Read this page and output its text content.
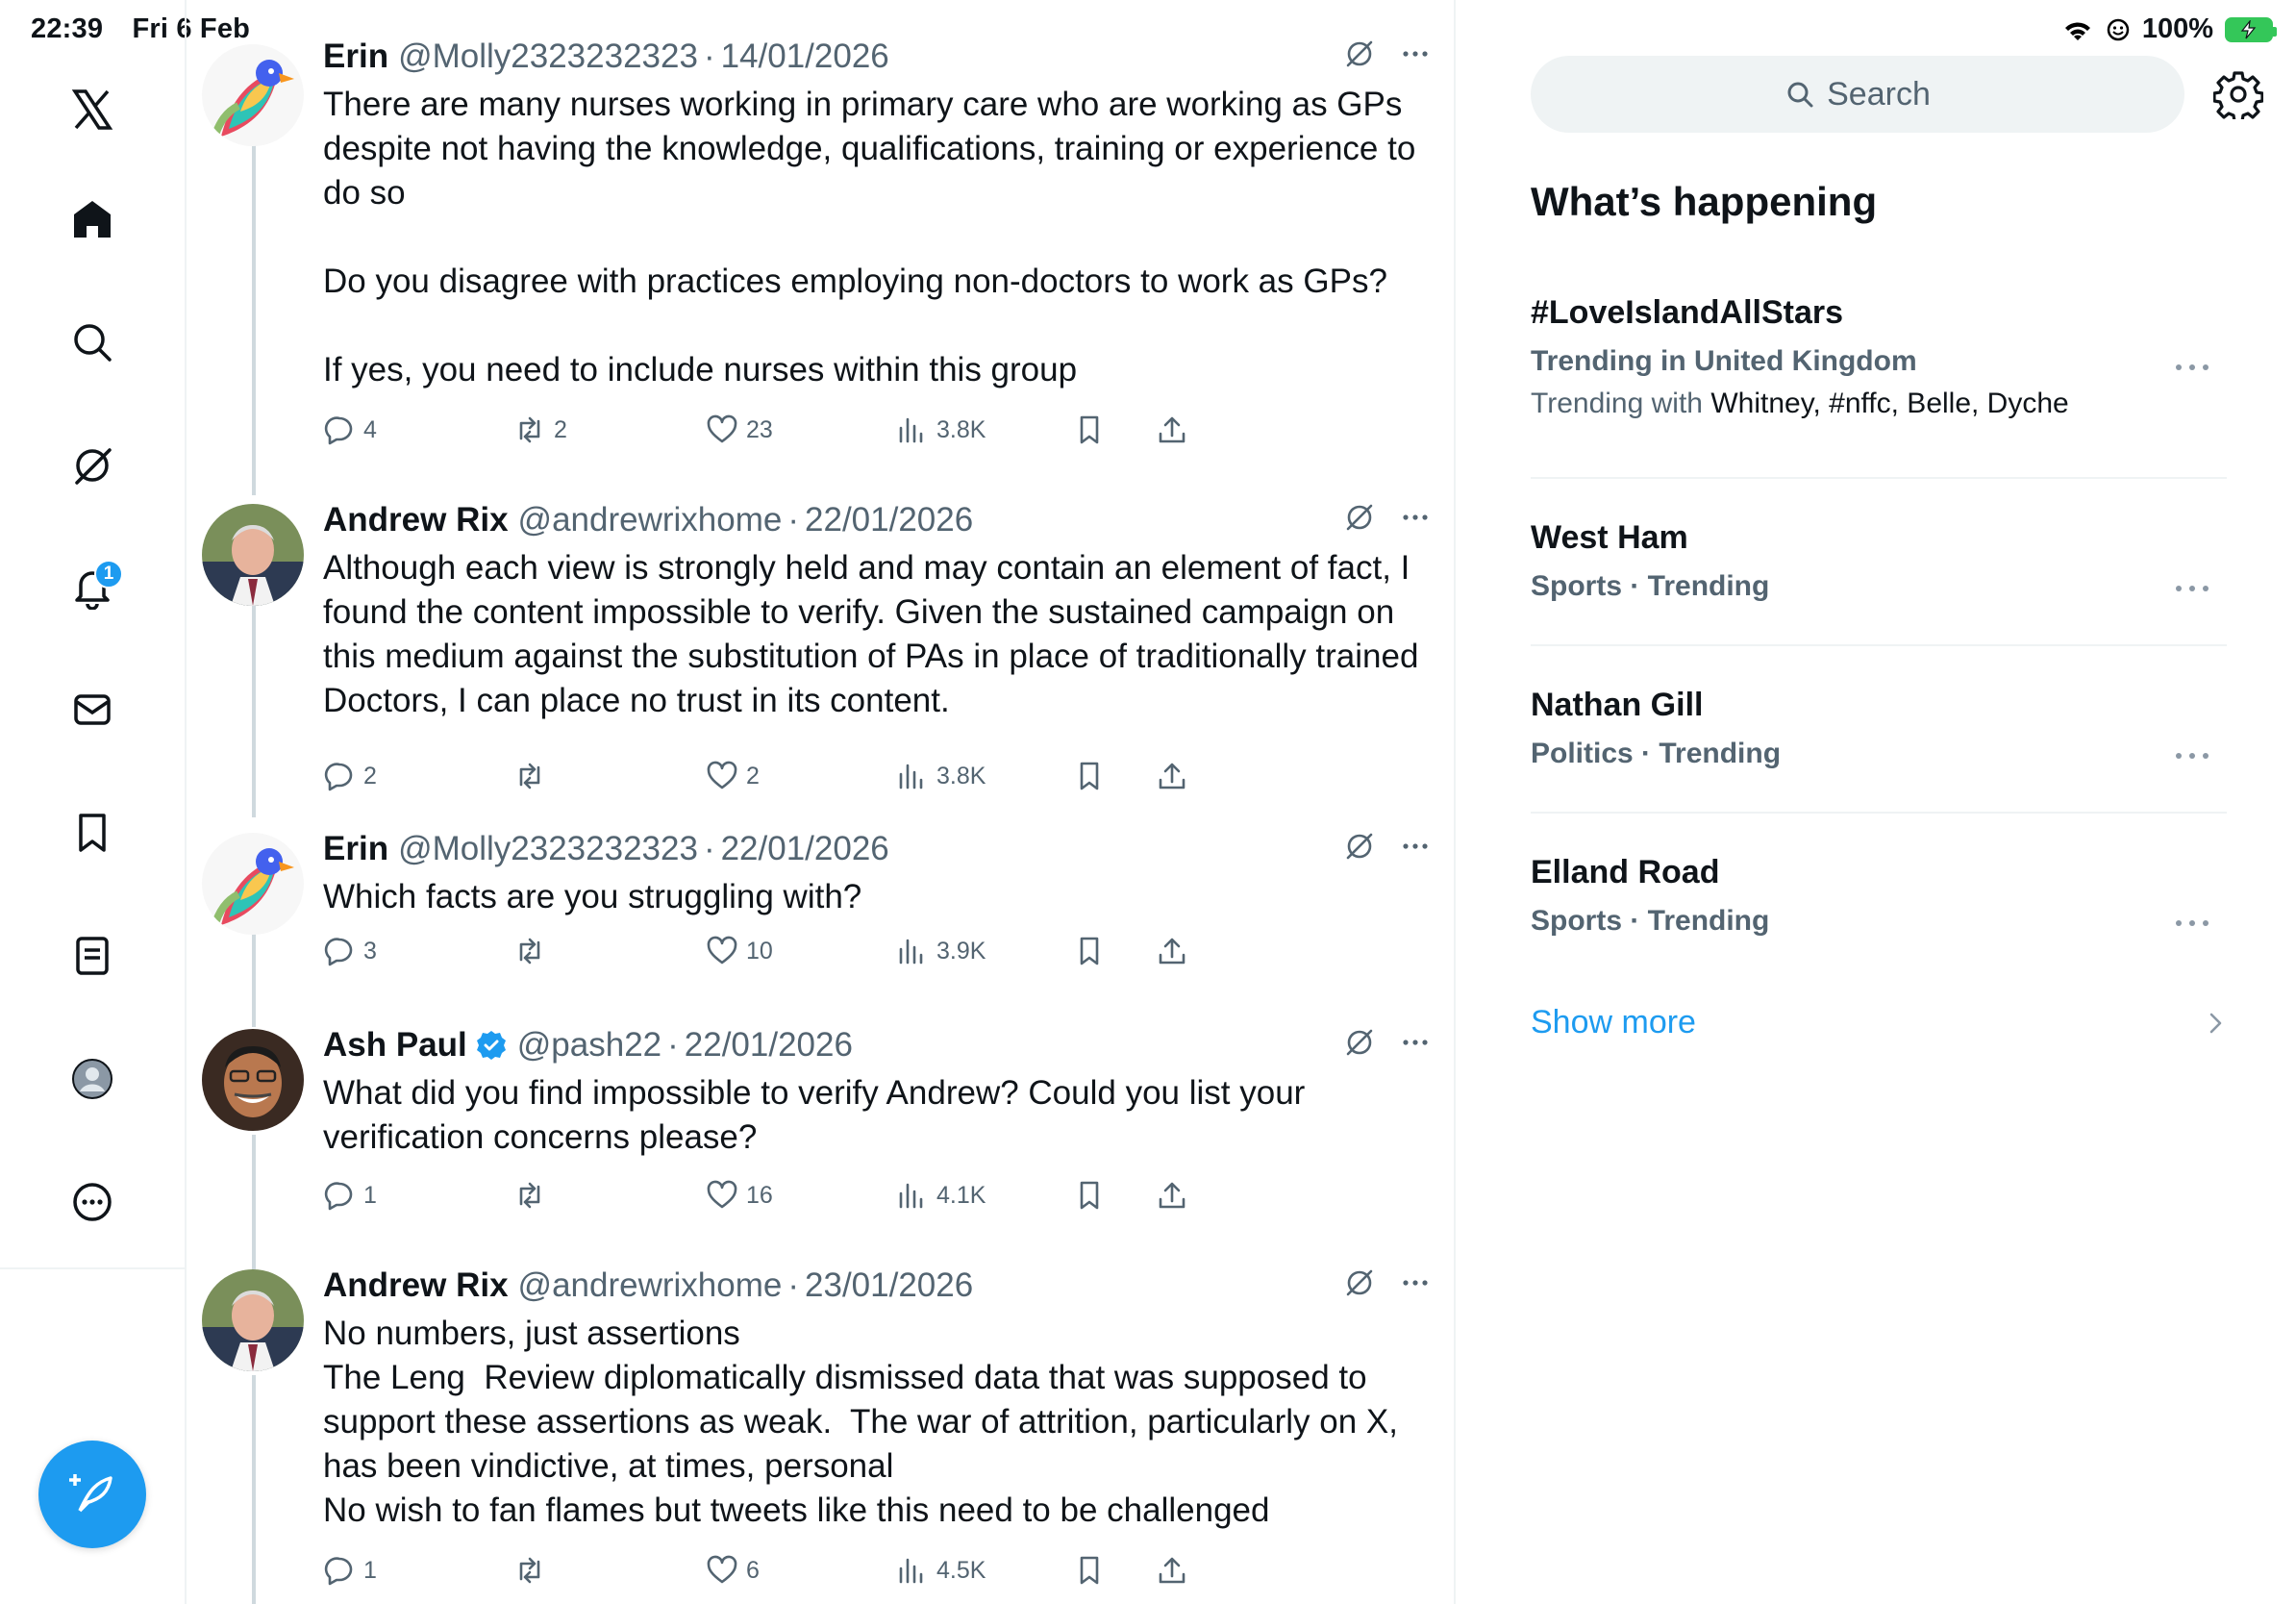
22:39 Fri 6 Feb	100%
1
Erin @Molly2323232323 · 14/01/2026
There are many nurses working in primary care who are working as GPs despite not having the knowledge, qualifications, training or experience to do so

Do you disagree with practices employing non-doctors to work as GPs?

If yes, you need to include nurses within this group
4	2	23	3.8K
Andrew Rix @andrewrixhome · 22/01/2026
Although each view is strongly held and may contain an element of fact, I found the content impossible to verify. Given the sustained campaign on this medium against the substitution of PAs in place of traditionally trained Doctors, I can place no trust in its content.
2	2	3.8K
Erin @Molly2323232323 · 22/01/2026
Which facts are you struggling with?
3	10	3.9K
Ash Paul @pash22 · 22/01/2026
What did you find impossible to verify Andrew? Could you list your verification concerns please?
1	16	4.1K
Andrew Rix @andrewrixhome · 23/01/2026
No numbers, just assertions
The Leng  Review diplomatically dismissed data that was supposed to support these assertions as weak.  The war of attrition, particularly on X, has been vindictive, at times, personal
No wish to fan flames but tweets like this need to be challenged
1	6	4.5K
Search
What’s happening
#LoveIslandAllStars
Trending in United Kingdom
Trending with Whitney, #nffc, Belle, Dyche
West Ham
Sports · Trending
Nathan Gill
Politics · Trending
Elland Road
Sports · Trending
Show more
